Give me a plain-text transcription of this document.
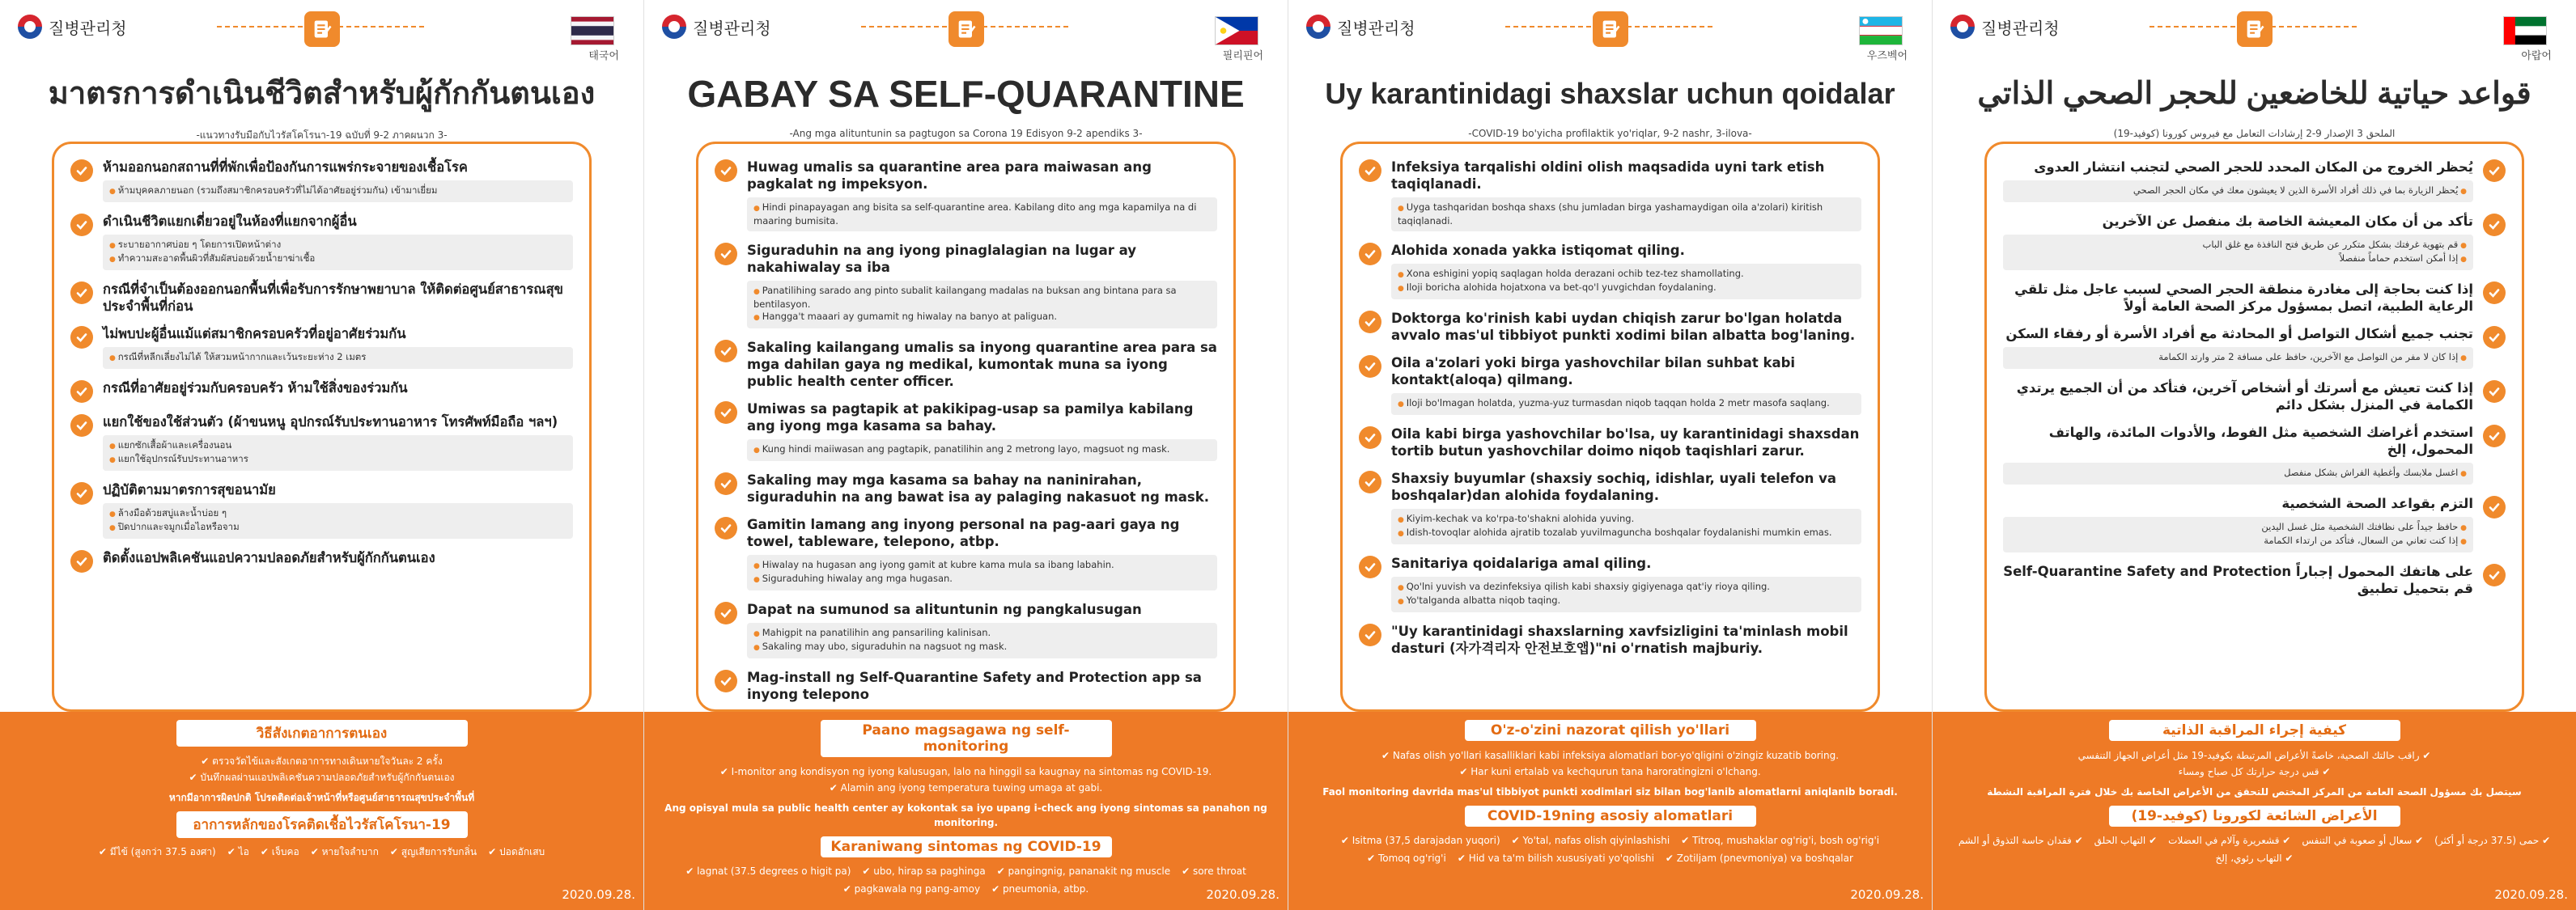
질병관리청
태국어
มาตรการดำเนินชีวิตสำหรับผู้กักกันตนเอง
-แนวทางรับมือกับไวรัสโคโรนา-19 ฉบับที่ 9-2 ภาคผนวก 3-
ห้ามออกนอกสถานที่ที่พักเพื่อป้องกันการแพร่กระจายของเชื้อโรค
● ห้ามบุคคลภายนอก (รวมถึงสมาชิกครอบครัวที่ไม่ได้อาศัยอยู่ร่วมกัน) เข้ามาเยี่ยม
ดำเนินชีวิตแยกเดี่ยวอยู่ในห้องที่แยกจากผู้อื่น
● ระบายอากาศบ่อย ๆ โดยการเปิดหน้าต่าง
● ทำความสะอาดพื้นผิวที่สัมผัสบ่อยด้วยน้ำยาฆ่าเชื้อ
กรณีที่จำเป็นต้องออกนอกพื้นที่เพื่อรับการรักษาพยาบาล ให้ติดต่อศูนย์สาธารณสุขประจำพื้นที่ก่อน
ไม่พบปะผู้อื่นแม้แต่สมาชิกครอบครัวที่อยู่อาศัยร่วมกัน
● กรณีที่หลีกเลี่ยงไม่ได้ ให้สวมหน้ากากและเว้นระยะห่าง 2 เมตร
กรณีที่อาศัยอยู่ร่วมกับครอบครัว ห้ามใช้สิ่งของร่วมกัน
แยกใช้ของใช้ส่วนตัว (ผ้าขนหนู อุปกรณ์รับประทานอาหาร โทรศัพท์มือถือ ฯลฯ)
● แยกซักเสื้อผ้าและเครื่องนอน
● แยกใช้อุปกรณ์รับประทานอาหาร
ปฏิบัติตามมาตรการสุขอนามัย
● ล้างมือด้วยสบู่และน้ำบ่อย ๆ
● ปิดปากและจมูกเมื่อไอหรือจาม
ติดตั้งแอปพลิเคชันแอปความปลอดภัยสำหรับผู้กักกันตนเอง
วิธีสังเกตอาการตนเอง
✔ ตรวจวัดไข้และสังเกตอาการทางเดินหายใจวันละ 2 ครั้ง
✔ บันทึกผลผ่านแอปพลิเคชันความปลอดภัยสำหรับผู้กักกันตนเอง
หากมีอาการผิดปกติ โปรดติดต่อเจ้าหน้าที่หรือศูนย์สาธารณสุขประจำพื้นที่
อาการหลักของโรคติดเชื้อไวรัสโคโรนา-19
✔ มีไข้ (สูงกว่า 37.5 องศา) ✔ ไอ ✔ เจ็บคอ ✔ หายใจลำบาก ✔ สูญเสียการรับกลิ่น ✔ ปอดอักเสบ
2020.09.28.
질병관리청
필리핀어
GABAY SA SELF-QUARANTINE
-Ang mga alituntunin sa pagtugon sa Corona 19 Edisyon 9-2 apendiks 3-
Huwag umalis sa quarantine area para maiwasan ang pagkalat ng impeksyon.
● Hindi pinapayagan ang bisita sa self-quarantine area. Kabilang dito ang mga kapamilya na di maaring bumisita.
Siguraduhin na ang iyong pinaglalagian na lugar ay nakahiwalay sa iba
● Panatilihing sarado ang pinto subalit kailangang madalas na buksan ang bintana para sa bentilasyon.
● Hangga't maaari ay gumamit ng hiwalay na banyo at paliguan.
Sakaling kailangang umalis sa inyong quarantine area para sa mga dahilan gaya ng medikal, kumontak muna sa iyong public health center officer.
Umiwas sa pagtapik at pakikipag-usap sa pamilya kabilang ang iyong mga kasama sa bahay.
● Kung hindi maiiwasan ang pagtapik, panatilihin ang 2 metrong layo, magsuot ng mask.
Sakaling may mga kasama sa bahay na naninirahan, siguraduhin na ang bawat isa ay palaging nakasuot ng mask.
Gamitin lamang ang inyong personal na pag-aari gaya ng towel, tableware, telepono, atbp.
● Hiwalay na hugasan ang iyong gamit at kubre kama mula sa ibang labahin.
● Siguraduhing hiwalay ang mga hugasan.
Dapat na sumunod sa alituntunin ng pangkalusugan
● Mahigpit na panatilihin ang pansariling kalinisan.
● Sakaling may ubo, siguraduhin na nagsuot ng mask.
Mag-install ng Self-Quarantine Safety and Protection app sa inyong telepono
Paano magsagawa ng self-monitoring
✔ I-monitor ang kondisyon ng iyong kalusugan, lalo na hinggil sa kaugnay na sintomas ng COVID-19.
✔ Alamin ang iyong temperatura tuwing umaga at gabi.
Ang opisyal mula sa public health center ay kokontak sa iyo upang i-check ang iyong sintomas sa panahon ng monitoring.
Karaniwang sintomas ng COVID-19
✔ lagnat (37.5 degrees o higit pa) ✔ ubo, hirap sa paghinga ✔ pangingnig, pananakit ng muscle ✔ sore throat✔ pagkawala ng pang-amoy ✔ pneumonia, atbp.	2020.09.28.
질병관리청
우즈벡어
Uy karantinidagi shaxslar uchun qoidalar
-COVID-19 bo'yicha profilaktik yo'riqlar, 9-2 nashr, 3-ilova-
Infeksiya tarqalishi oldini olish maqsadida uyni tark etish taqiqlanadi.
● Uyga tashqaridan boshqa shaxs (shu jumladan birga yashamaydigan oila a'zolari) kiritish taqiqlanadi.
Alohida xonada yakka istiqomat qiling.
● Xona eshigini yopiq saqlagan holda derazani ochib tez-tez shamollating.
● Iloji boricha alohida hojatxona va bet-qo'l yuvgichdan foydalaning.
Doktorga ko'rinish kabi uydan chiqish zarur bo'lgan holatda avvalo mas'ul tibbiyot punkti xodimi bilan albatta bog'laning.
Oila a'zolari yoki birga yashovchilar bilan suhbat kabi kontakt(aloqa) qilmang.
● Iloji bo'lmagan holatda, yuzma-yuz turmasdan niqob taqqan holda 2 metr masofa saqlang.
Oila kabi birga yashovchilar bo'lsa, uy karantinidagi shaxsdan tortib butun yashovchilar doimo niqob taqishlari zarur.
Shaxsiy buyumlar (shaxsiy sochiq, idishlar, uyali telefon va boshqalar)dan alohida foydalaning.
● Kiyim-kechak va ko'rpa-to'shakni alohida yuving.
● Idish-tovoqlar alohida ajratib tozalab yuvilmaguncha boshqalar foydalanishi mumkin emas.
Sanitariya qoidalariga amal qiling.
● Qo'lni yuvish va dezinfeksiya qilish kabi shaxsiy gigiyenaga qat'iy rioya qiling.
● Yo'talganda albatta niqob taqing.
"Uy karantinidagi shaxslarning xavfsizligini ta'minlash mobil dasturi (자가격리자 안전보호앱)"ni o'rnatish majburiy.
O'z-o'zini nazorat qilish yo'llari
✔ Nafas olish yo'llari kasalliklari kabi infeksiya alomatlari bor-yo'qligini o'zingiz kuzatib boring.
✔ Har kuni ertalab va kechqurun tana haroratingizni o'lchang.
Faol monitoring davrida mas'ul tibbiyot punkti xodimlari siz bilan bog'lanib alomatlarni aniqlanib boradi.
COVID-19ning asosiy alomatlari
✔ Isitma (37,5 darajadan yuqori) ✔ Yo'tal, nafas olish qiyinlashishi ✔ Titroq, mushaklar og'rig'i, bosh og'rig'i✔ Tomoq og'rig'i ✔ Hid va ta'm bilish xususiyati yo'qolishi ✔ Zotiljam (pnevmoniya) va boshqalar
2020.09.28.
질병관리청
아랍어
قواعد حياتية للخاضعين للحجر الصحي الذاتي
الملحق 3 الإصدار 9-2 إرشادات التعامل مع فيروس كورونا (كوفيد-19)
يُحظر الخروج من المكان المحدد للحجر الصحي لتجنب انتشار العدوى
● يُحظر الزيارة بما في ذلك أفراد الأسرة الذين لا يعيشون معك في مكان الحجر الصحي
تأكد من أن مكان المعيشة الخاصة بك منفصل عن الآخرين
● قم بتهوية غرفتك بشكل متكرر عن طريق فتح النافذة مع غلق الباب
● إذا أمكن استخدم حماماً منفصلاً
إذا كنت بحاجة إلى مغادرة منطقة الحجر الصحي لسبب عاجل مثل تلقي الرعاية الطبية، اتصل بمسؤول مركز الصحة العامة أولاً
تجنب جميع أشكال التواصل أو المحادثة مع أفراد الأسرة أو رفقاء السكن
● إذا كان لا مفر من التواصل مع الآخرين، حافظ على مسافة 2 متر وارتد الكمامة
إذا كنت تعيش مع أسرتك أو أشخاص آخرين، فتأكد من أن الجميع يرتدي الكمامة في المنزل بشكل دائم
استخدم أغراضك الشخصية مثل الفوط، والأدوات المائدة، والهاتف المحمول، إلخ
● اغسل ملابسك وأغطية الفراش بشكل منفصل
التزم بقواعد الصحة الشخصية
● حافظ جيداً على نظافتك الشخصية مثل غسل اليدين
● إذا كنت تعاني من السعال، فتأكد من ارتداء الكمامة
على هاتفك المحمول إجباراً Self-Quarantine Safety and Protection قم بتحميل تطبيق
كيفية إجراء المراقبة الذاتية
✔ راقب حالتك الصحية، خاصةً الأعراض المرتبطة بكوفيد-19 مثل أعراض الجهاز التنفسي
✔ قس درجة حرارتك كل صباح ومساء
سيتصل بك مسؤول الصحة العامة من المركز المختص للتحقق من الأعراض الخاصة بك خلال فترة المراقبة النشطة
الأعراض الشائعة لكورونا (كوفيد-19)
✔ حمى (37.5 درجة أو أكثر)✔ سعال أو صعوبة في التنفس✔ قشعريرة وآلام في العضلات✔ التهاب الحلق✔ فقدان حاسة التذوق أو الشم✔ التهاب رئوي، إلخ
2020.09.28.
